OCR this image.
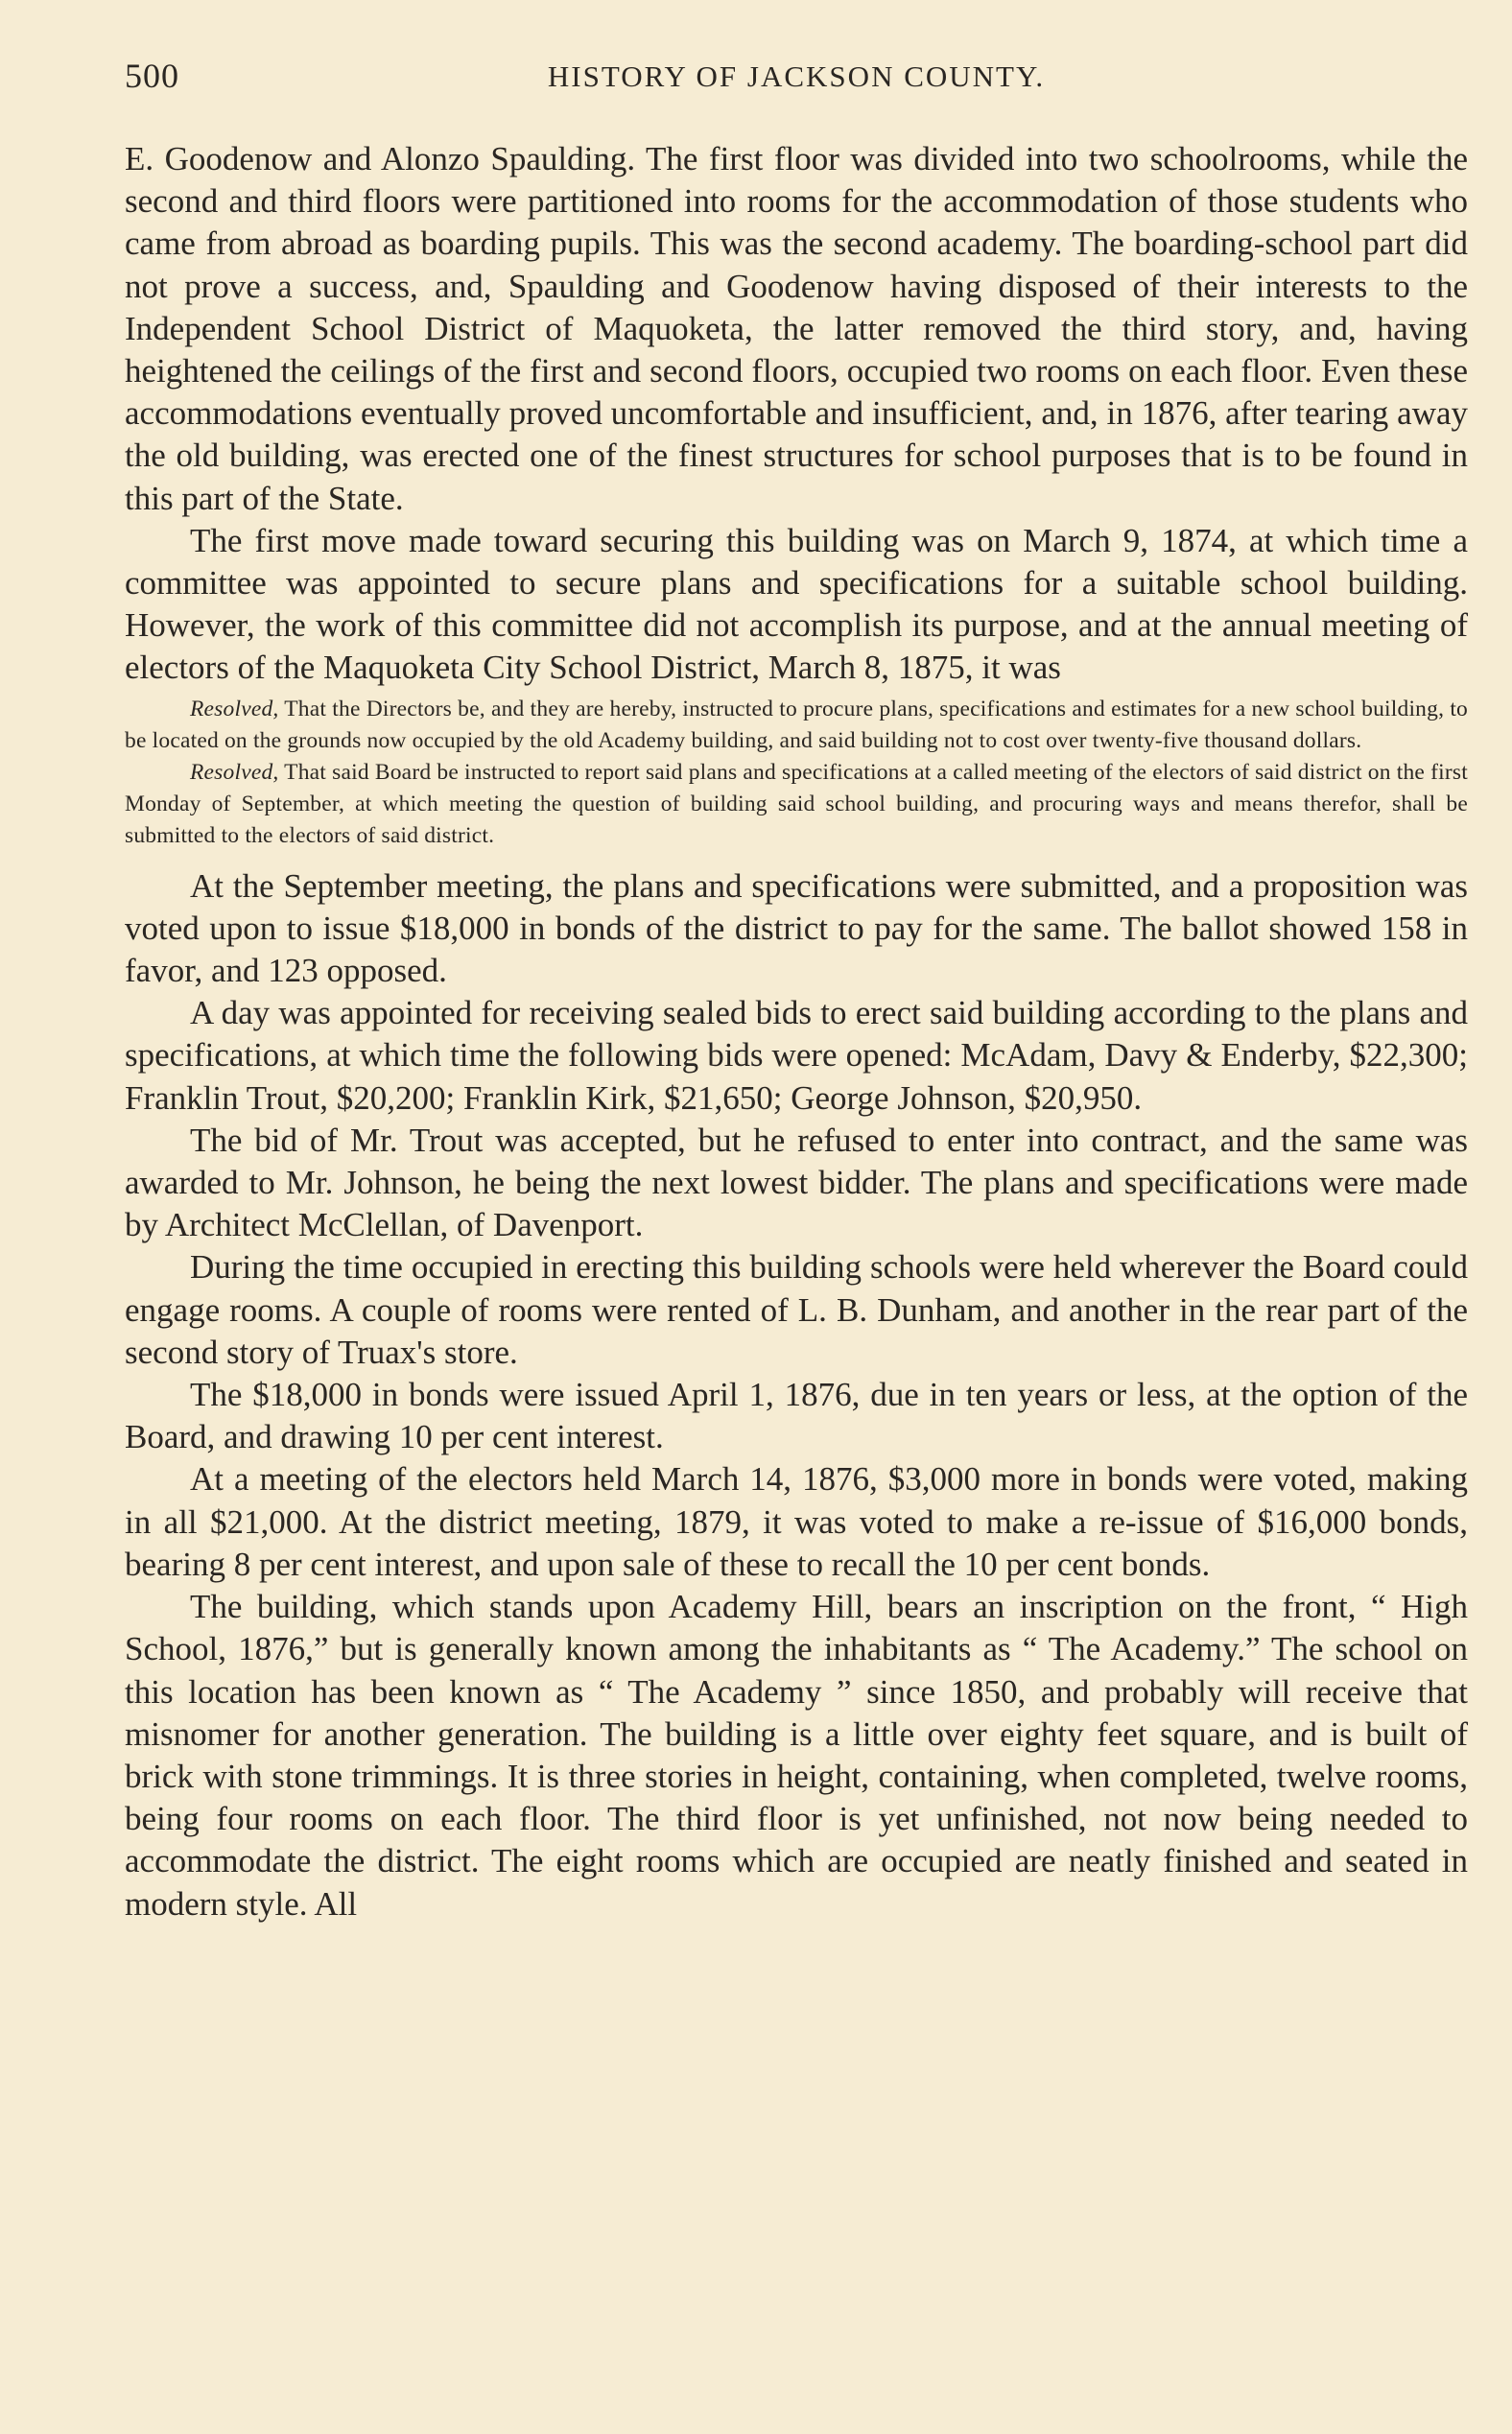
500	HISTORY OF JACKSON COUNTY.

E. Goodenow and Alonzo Spaulding. The first floor was divided into two schoolrooms, while the second and third floors were partitioned into rooms for the accommodation of those students who came from abroad as boarding pupils. This was the second academy. The boarding-school part did not prove a success, and, Spaulding and Goodenow having disposed of their interests to the Independent School District of Maquoketa, the latter removed the third story, and, having heightened the ceilings of the first and second floors, occupied two rooms on each floor. Even these accommodations eventually proved uncomfortable and insufficient, and, in 1876, after tearing away the old building, was erected one of the finest structures for school purposes that is to be found in this part of the State.

The first move made toward securing this building was on March 9, 1874, at which time a committee was appointed to secure plans and specifications for a suitable school building. However, the work of this committee did not accomplish its purpose, and at the annual meeting of electors of the Maquoketa City School District, March 8, 1875, it was

Resolved, That the Directors be, and they are hereby, instructed to procure plans, specifications and estimates for a new school building, to be located on the grounds now occupied by the old Academy building, and said building not to cost over twenty-five thousand dollars.

Resolved, That said Board be instructed to report said plans and specifications at a called meeting of the electors of said district on the first Monday of September, at which meeting the question of building said school building, and procuring ways and means therefor, shall be submitted to the electors of said district.

At the September meeting, the plans and specifications were submitted, and a proposition was voted upon to issue $18,000 in bonds of the district to pay for the same. The ballot showed 158 in favor, and 123 opposed.

A day was appointed for receiving sealed bids to erect said building according to the plans and specifications, at which time the following bids were opened: McAdam, Davy & Enderby, $22,300; Franklin Trout, $20,200; Franklin Kirk, $21,650; George Johnson, $20,950.

The bid of Mr. Trout was accepted, but he refused to enter into contract, and the same was awarded to Mr. Johnson, he being the next lowest bidder. The plans and specifications were made by Architect McClellan, of Davenport.

During the time occupied in erecting this building schools were held wherever the Board could engage rooms. A couple of rooms were rented of L. B. Dunham, and another in the rear part of the second story of Truax's store.

The $18,000 in bonds were issued April 1, 1876, due in ten years or less, at the option of the Board, and drawing 10 per cent interest.

At a meeting of the electors held March 14, 1876, $3,000 more in bonds were voted, making in all $21,000. At the district meeting, 1879, it was voted to make a re-issue of $16,000 bonds, bearing 8 per cent interest, and upon sale of these to recall the 10 per cent bonds.

The building, which stands upon Academy Hill, bears an inscription on the front, “ High School, 1876,” but is generally known among the inhabitants as “ The Academy.” The school on this location has been known as “ The Academy ” since 1850, and probably will receive that misnomer for another generation. The building is a little over eighty feet square, and is built of brick with stone trimmings. It is three stories in height, containing, when completed, twelve rooms, being four rooms on each floor. The third floor is yet unfinished, not now being needed to accommodate the district. The eight rooms which are occupied are neatly finished and seated in modern style. All
